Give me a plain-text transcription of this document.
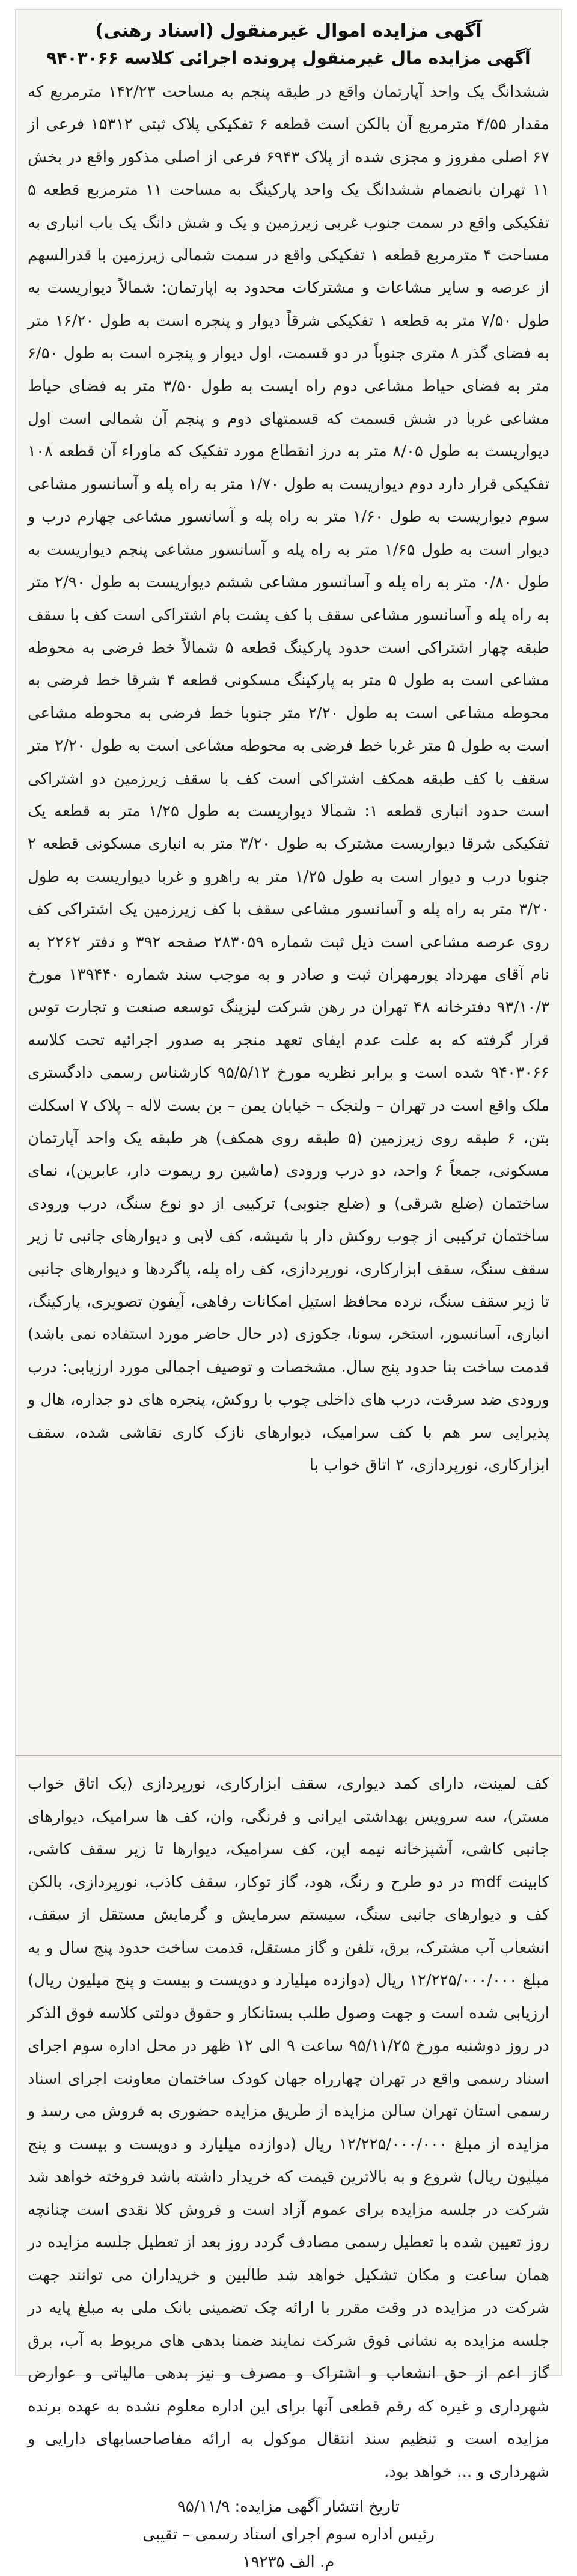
آگهی مزایده اموال غیرمنقول (اسناد رهنی)
آگهی مزایده مال غیرمنقول پرونده اجرائی کلاسه ۹۴۰۳۰۶۶

ششدانگ یک واحد آپارتمان واقع در طبقه پنجم به مساحت ۱۴۲/۲۳ مترمربع که مقدار ۴/۵۵ مترمربع آن بالکن است قطعه ۶ تفکیکی پلاک ثبتی ۱۵۳۱۲ فرعی از ۶۷ اصلی مفروز و مجزی شده از پلاک ۶۹۴۳ فرعی از اصلی مذکور واقع در بخش ۱۱ تهران بانضمام ششدانگ یک واحد پارکینگ به مساحت ۱۱ مترمربع قطعه ۵ تفکیکی واقع در سمت جنوب غربی زیرزمین و یک و شش دانگ یک باب انباری به مساحت ۴ مترمربع قطعه ۱ تفکیکی واقع در سمت شمالی زیرزمین با قدرالسهم از عرصه و سایر مشاعات و مشترکات محدود به اپارتمان: شمالاً دیواریست به طول ۷/۵۰ متر به قطعه ۱ تفکیکی شرقاً دیوار و پنجره است به طول ۱۶/۲۰ متر به فضای گذر ۸ متری جنوباً در دو قسمت، اول دیوار و پنجره است به طول ۶/۵۰ متر به فضای حیاط مشاعی دوم راه ایست به طول ۳/۵۰ متر به فضای حیاط مشاعی غربا در شش قسمت که قسمتهای دوم و پنجم آن شمالی است اول دیواریست به طول ۸/۰۵ متر به درز انقطاع مورد تفکیک که ماوراء آن قطعه ۱۰۸ تفکیکی قرار دارد دوم دیواریست به طول ۱/۷۰ متر به راه پله و آسانسور مشاعی سوم دیواریست به طول ۱/۶۰ متر به راه پله و آسانسور مشاعی چهارم درب و دیوار است به طول ۱/۶۵ متر به راه پله و آسانسور مشاعی پنجم دیواریست به طول ۰/۸۰ متر به راه پله و آسانسور مشاعی ششم دیواریست به طول ۲/۹۰ متر به راه پله و آسانسور مشاعی سقف با کف پشت بام اشتراکی است کف با سقف طبقه چهار اشتراکی است حدود پارکینگ قطعه ۵ شمالاً خط فرضی به محوطه مشاعی است به طول ۵ متر به پارکینگ مسکونی قطعه ۴ شرقا خط فرضی به محوطه مشاعی است به طول ۲/۲۰ متر جنوبا خط فرضی به محوطه مشاعی است به طول ۵ متر غربا خط فرضی به محوطه مشاعی است به طول ۲/۲۰ متر سقف با کف طبقه همکف اشتراکی است کف با سقف زیرزمین دو اشتراکی است حدود انباری قطعه ۱: شمالا دیواریست به طول ۱/۲۵ متر به قطعه یک تفکیکی شرقا دیواریست مشترک به طول ۳/۲۰ متر به انباری مسکونی قطعه ۲ جنوبا درب و دیوار است به طول ۱/۲۵ متر به راهرو و غربا دیواریست به طول ۳/۲۰ متر به راه پله و آسانسور مشاعی سقف با کف زیرزمین یک اشتراکی کف روی عرصه مشاعی است ذیل ثبت شماره ۲۸۳۰۵۹ صفحه ۳۹۲ و دفتر ۲۲۶۲ به نام آقای مهرداد پورمهران ثبت و صادر و به موجب سند شماره ۱۳۹۴۴۰ مورخ ۹۳/۱۰/۳ دفترخانه ۴۸ تهران در رهن شرکت لیزینگ توسعه صنعت و تجارت توس قرار گرفته که به علت عدم ایفای تعهد منجر به صدور اجرائیه تحت کلاسه ۹۴۰۳۰۶۶ شده است و برابر نظریه مورخ ۹۵/۵/۱۲ کارشناس رسمی دادگستری ملک واقع است در تهران – ولنجک – خیابان یمن – بن بست لاله – پلاک ۷ اسکلت بتن، ۶ طبقه روی زیرزمین (۵ طبقه روی همکف) هر طبقه یک واحد آپارتمان مسکونی، جمعاً ۶ واحد، دو درب ورودی (ماشین رو ریموت دار، عابرین)، نمای ساختمان (ضلع شرقی) و (ضلع جنوبی) ترکیبی از دو نوع سنگ، درب ورودی ساختمان ترکیبی از چوب روکش دار با شیشه، کف لابی و دیوارهای جانبی تا زیر سقف سنگ، سقف ابزارکاری، نورپردازی، کف راه پله، پاگردها و دیوارهای جانبی تا زیر سقف سنگ، نرده محافظ استیل امکانات رفاهی، آیفون تصویری، پارکینگ، انباری، آسانسور، استخر، سونا، جکوزی (در حال حاضر مورد استفاده نمی باشد) قدمت ساخت بنا حدود پنج سال. مشخصات و توصیف اجمالی مورد ارزیابی: درب ورودی ضد سرقت، درب های داخلی چوب با روکش، پنجره های دو جداره، هال و پذیرایی سر هم با کف سرامیک، دیوارهای نازک کاری نقاشی شده، سقف ابزارکاری، نورپردازی، ۲ اتاق خواب با

کف لمینت، دارای کمد دیواری، سقف ابزارکاری، نورپردازی (یک اتاق خواب مستر)، سه سرویس بهداشتی ایرانی و فرنگی، وان، کف ها سرامیک، دیوارهای جانبی کاشی، آشپزخانه نیمه اپن، کف سرامیک، دیوارها تا زیر سقف کاشی، کابینت mdf در دو طرح و رنگ، هود، گاز توکار، سقف کاذب، نورپردازی، بالکن کف و دیوارهای جانبی سنگ، سیستم سرمایش و گرمایش مستقل از سقف، انشعاب آب مشترک، برق، تلفن و گاز مستقل، قدمت ساخت حدود پنج سال و به مبلغ ۱۲/۲۲۵/۰۰۰/۰۰۰ ریال (دوازده میلیارد و دویست و بیست و پنج میلیون ریال) ارزیابی شده است و جهت وصول طلب بستانکار و حقوق دولتی کلاسه فوق الذکر در روز دوشنبه مورخ ۹۵/۱۱/۲۵ ساعت ۹ الی ۱۲ ظهر در محل اداره سوم اجرای اسناد رسمی واقع در تهران چهارراه جهان کودک ساختمان معاونت اجرای اسناد رسمی استان تهران سالن مزایده از طریق مزایده حضوری به فروش می رسد و مزایده از مبلغ ۱۲/۲۲۵/۰۰۰/۰۰۰ ریال (دوازده میلیارد و دویست و بیست و پنج میلیون ریال) شروع و به بالاترین قیمت که خریدار داشته باشد فروخته خواهد شد شرکت در جلسه مزایده برای عموم آزاد است و فروش کلا نقدی است چنانچه روز تعیین شده با تعطیل رسمی مصادف گردد روز بعد از تعطیل جلسه مزایده در همان ساعت و مکان تشکیل خواهد شد طالبین و خریداران می توانند جهت شرکت در مزایده در وقت مقرر با ارائه چک تضمینی بانک ملی به مبلغ پایه در جلسه مزایده به نشانی فوق شرکت نمایند ضمنا بدهی های مربوط به آب، برق گاز اعم از حق انشعاب و اشتراک و مصرف و نیز بدهی مالیاتی و عوارض شهرداری و غیره که رقم قطعی آنها برای این اداره معلوم نشده به عهده برنده مزایده است و تنظیم سند انتقال موکول به ارائه مفاصاحسابهای دارایی و شهرداری و ... خواهد بود.

تاریخ انتشار آگهی مزایده: ۹۵/۱۱/۹
رئیس اداره سوم اجرای اسناد رسمی – تقیبی
م. الف ۱۹۲۳۵
